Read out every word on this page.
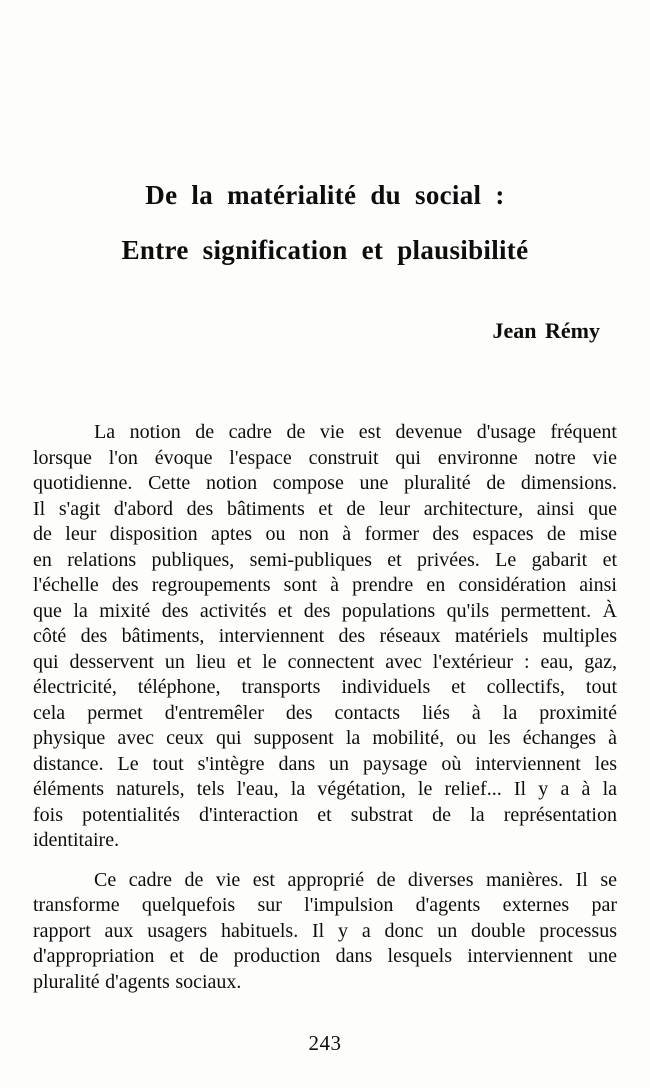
De la matérialité du social :
Entre signification et plausibilité
Jean Rémy

La notion de cadre de vie est devenue d'usage fréquent
lorsque l'on évoque l'espace construit qui environne notre vie
quotidienne. Cette notion compose une pluralité de dimensions.
Il s'agit d'abord des bâtiments et de leur architecture, ainsi que
de leur disposition aptes ou non à former des espaces de mise
en relations publiques, semi-publiques et privées. Le gabarit et
l'échelle des regroupements sont à prendre en considération ainsi
que la mixité des activités et des populations qu'ils permettent. À
côté des bâtiments, interviennent des réseaux matériels multiples
qui desservent un lieu et le connectent avec l'extérieur : eau, gaz,
électricité, téléphone, transports individuels et collectifs, tout
cela permet d'entremêler des contacts liés à la proximité
physique avec ceux qui supposent la mobilité, ou les échanges à
distance. Le tout s'intègre dans un paysage où interviennent les
éléments naturels, tels l'eau, la végétation, le relief... Il y a à la
fois potentialités d'interaction et substrat de la représentation
identitaire.

Ce cadre de vie est approprié de diverses manières. Il se
transforme quelquefois sur l'impulsion d'agents externes par
rapport aux usagers habituels. Il y a donc un double processus
d'appropriation et de production dans lesquels interviennent une
pluralité d'agents sociaux.

243
